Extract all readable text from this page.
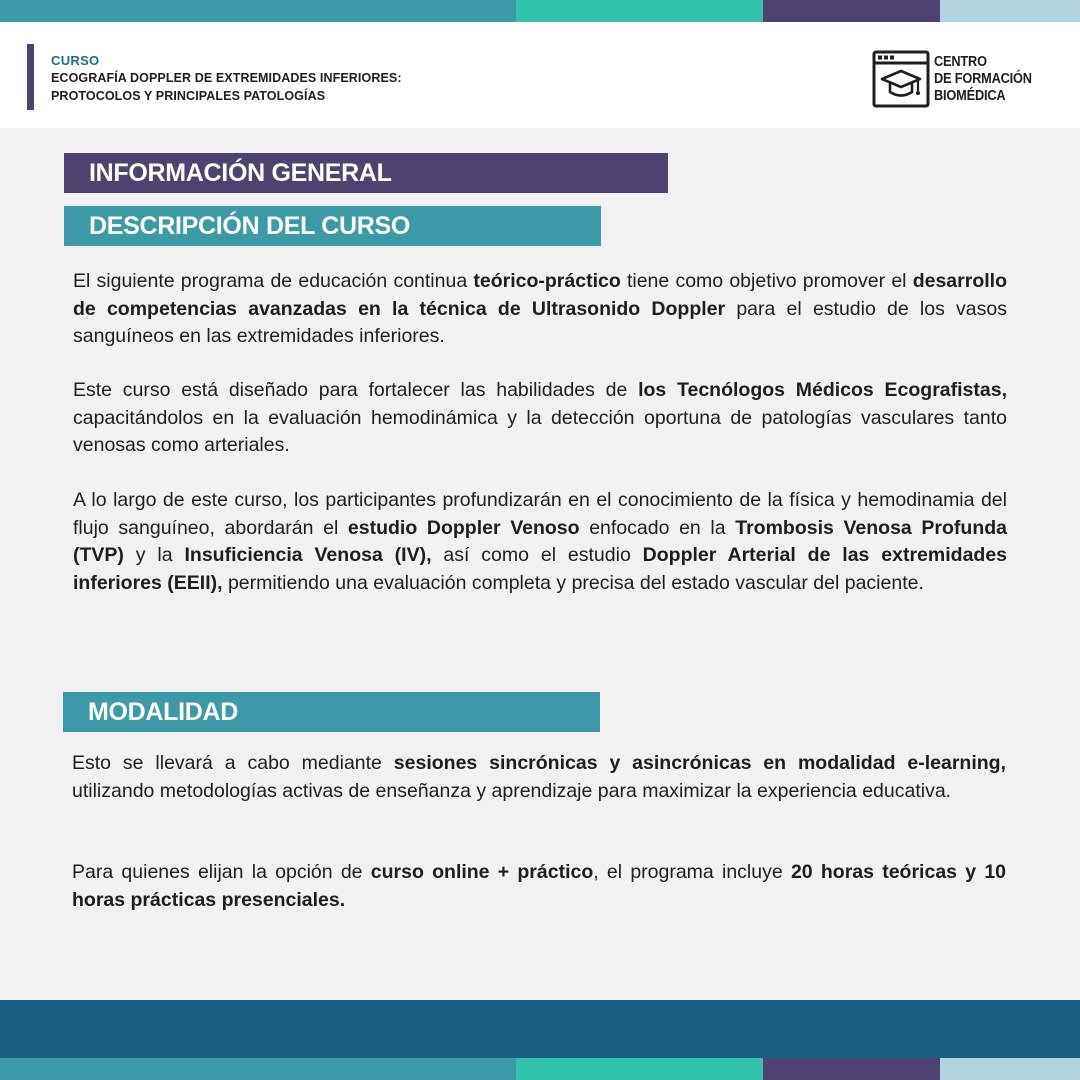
CURSO
ECOGRAFÍA DOPPLER DE EXTREMIDADES INFERIORES:
PROTOCOLOS Y PRINCIPALES PATOLOGÍAS
CENTRO
DE FORMACIÓN
BIOMÉDICA
INFORMACIÓN GENERAL
DESCRIPCIÓN DEL CURSO

El siguiente programa de educación continua teórico-práctico tiene como objetivo promover el desarrollo de competencias avanzadas en la técnica de Ultrasonido Doppler para el estudio de los vasos sanguíneos en las extremidades inferiores.

Este curso está diseñado para fortalecer las habilidades de los Tecnólogos Médicos Ecografistas, capacitándolos en la evaluación hemodinámica y la detección oportuna de patologías vasculares tanto venosas como arteriales.

A lo largo de este curso, los participantes profundizarán en el conocimiento de la física y hemodinamia del flujo sanguíneo, abordarán el estudio Doppler Venoso enfocado en la Trombosis Venosa Profunda (TVP) y la Insuficiencia Venosa (IV), así como el estudio Doppler Arterial de las extremidades inferiores (EEII), permitiendo una evaluación completa y precisa del estado vascular del paciente.

MODALIDAD

Esto se llevará a cabo mediante sesiones sincrónicas y asincrónicas en modalidad e-learning, utilizando metodologías activas de enseñanza y aprendizaje para maximizar la experiencia educativa.

Para quienes elijan la opción de curso online + práctico, el programa incluye 20 horas teóricas y 10 horas prácticas presenciales.
